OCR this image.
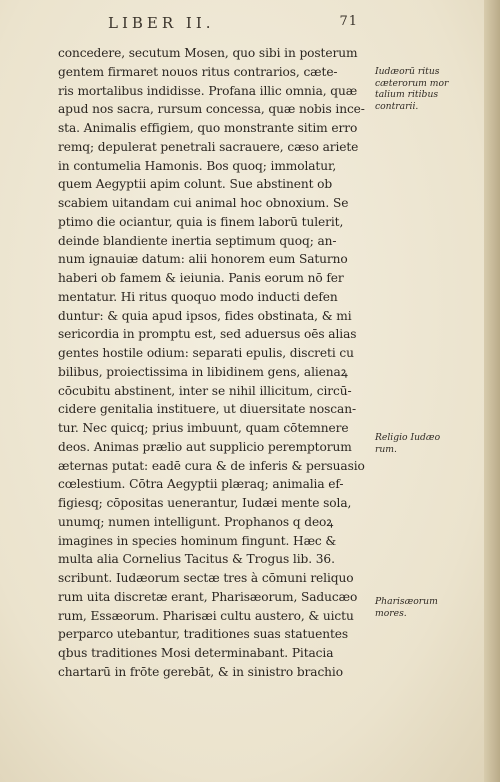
LIBER II.	71
concedere, secutum Mosen, quo sibi in posterum
gentem firmaret nouos ritus contrarios, cæte-
ris mortalibus indidisse. Profana illic omnia, quæ
apud nos sacra, rursum concessa, quæ nobis ince-
sta. Animalis effigiem, quo monstrante sitim erro
remq; depulerat penetrali sacrauere, cæso ariete
in contumelia Hamonis. Bos quoq; immolatur,
quem Aegyptii apim colunt. Sue abstinent ob
scabiem uitandam cui animal hoc obnoxium. Se
ptimo die ociantur, quia is finem laborū tulerit,
deinde blandiente inertia septimum quoq; an-
num ignauiæ datum: alii honorem eum Saturno
haberi ob famem & ieiunia. Panis eorum nō fer
mentatur. Hi ritus quoquo modo inducti defen
duntur: & quia apud ipsos, fides obstinata, & mi
sericordia in promptu est, sed aduersus oēs alias
gentes hostile odium: separati epulis, discreti cu
bilibus, proiectissima in libidinem gens, alienaꝝ
cōcubitu abstinent, inter se nihil illicitum, circū-
cidere genitalia instituere, ut diuersitate noscan-
tur. Nec quicq; prius imbuunt, quam cōtemnere
deos. Animas prælio aut supplicio peremptorum
æternas putat: eadē cura & de inferis & persuasio
cœlestium. Cōtra Aegyptii plæraq; animalia ef-
figiesq; cōpositas uenerantur, Iudæi mente sola,
unumq; numen intelligunt. Prophanos q deoꝝ
imagines in species hominum fingunt. Hæc &
multa alia Cornelius Tacitus & Trogus lib. 36.
scribunt. Iudæorum sectæ tres à cōmuni reliquo
rum uita discretæ erant, Pharisæorum, Saducæo
rum, Essæorum. Pharisæi cultu austero, & uictu
perparco utebantur, traditiones suas statuentes
qbus traditiones Mosi determinabant. Pitacia
chartarū in frōte gerebāt, & in sinistro brachio
Iudæorū ritus
cæterorum mor
talium ritibus
contrarii.
Religio Iudæo
rum.
Pharisæorum
mores.
